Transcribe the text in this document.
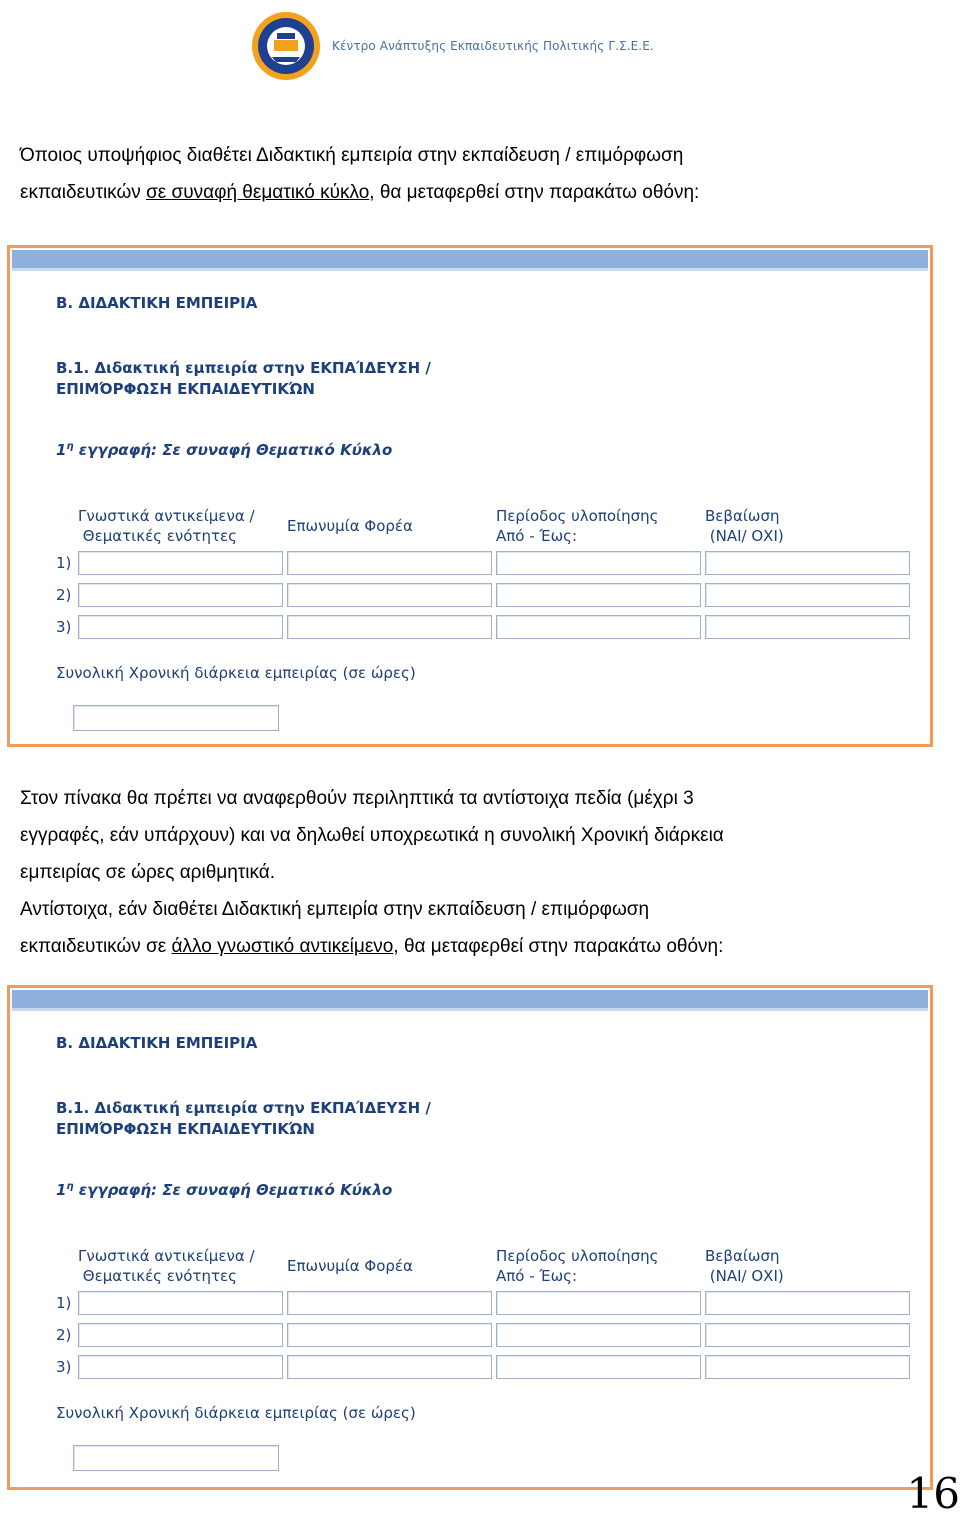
Κέντρο Ανάπτυξης Εκπαιδευτικής Πολιτικής Γ.Σ.Ε.Ε.

Όποιος υποψήφιος διαθέτει Διδακτική εμπειρία στην εκπαίδευση / επιμόρφωση
εκπαιδευτικών σε συναφή θεματικό κύκλο, θα μεταφερθεί στην παρακάτω οθόνη:

Β. ΔΙΔΑΚΤΙΚΗ ΕΜΠΕΙΡΙΑ
Β.1. Διδακτική εμπειρία στην ΕΚΠΑΊΔΕΥΣΗ / ΕΠΙΜΌΡΦΩΣΗ ΕΚΠΑΙΔΕΥΤΙΚΏΝ
$1^\eta$ εγγραφή: Σε συναφή Θεματικό Κύκλο
Γνωστικά αντικείμενα /
Θεματικές ενότητες
Επωνυμία Φορέα
Περίοδος υλοποίησης
Από - Έως:
Βεβαίωση
(ΝΑΙ/ ΟΧΙ)
1)
2)
3)
Συνολική Χρονική διάρκεια εμπειρίας (σε ώρες)

Στον πίνακα θα πρέπει να αναφερθούν περιληπτικά τα αντίστοιχα πεδία (μέχρι 3
εγγραφές, εάν υπάρχουν) και να δηλωθεί υποχρεωτικά η συνολική Χρονική διάρκεια
εμπειρίας σε ώρες αριθμητικά.
Αντίστοιχα, εάν διαθέτει Διδακτική εμπειρία στην εκπαίδευση / επιμόρφωση
εκπαιδευτικών σε άλλο γνωστικό αντικείμενο, θα μεταφερθεί στην παρακάτω οθόνη:

Β. ΔΙΔΑΚΤΙΚΗ ΕΜΠΕΙΡΙΑ
Β.1. Διδακτική εμπειρία στην ΕΚΠΑΊΔΕΥΣΗ / ΕΠΙΜΌΡΦΩΣΗ ΕΚΠΑΙΔΕΥΤΙΚΏΝ
$1^\eta$ εγγραφή: Σε συναφή Θεματικό Κύκλο
Γνωστικά αντικείμενα /
Θεματικές ενότητες
Επωνυμία Φορέα
Περίοδος υλοποίησης
Από - Έως:
Βεβαίωση
(ΝΑΙ/ ΟΧΙ)
1)
2)
3)
Συνολική Χρονική διάρκεια εμπειρίας (σε ώρες)
16
